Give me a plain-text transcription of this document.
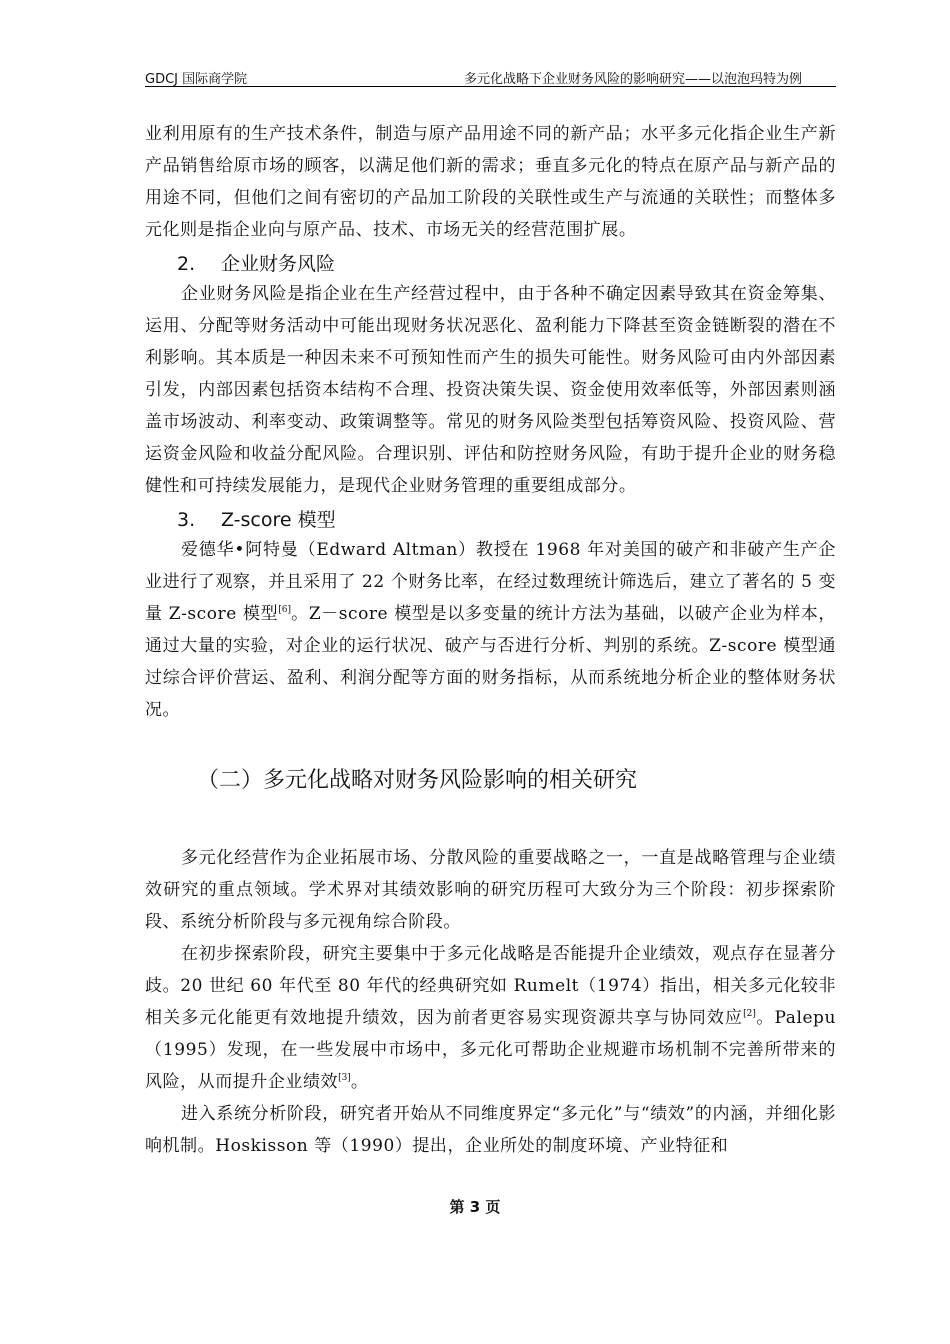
GDCJ 国际商学院	多元化战略下企业财务风险的影响研究——以泡泡玛特为例

业利用原有的生产技术条件，制造与原产品用途不同的新产品；水平多元化指企业生产新产品销售给原市场的顾客，以满足他们新的需求；垂直多元化的特点在原产品与新产品的用途不同，但他们之间有密切的产品加工阶段的关联性或生产与流通的关联性；而整体多元化则是指企业向与原产品、技术、市场无关的经营范围扩展。

2. 企业财务风险

企业财务风险是指企业在生产经营过程中，由于各种不确定因素导致其在资金筹集、运用、分配等财务活动中可能出现财务状况恶化、盈利能力下降甚至资金链断裂的潜在不利影响。其本质是一种因未来不可预知性而产生的损失可能性。财务风险可由内外部因素引发，内部因素包括资本结构不合理、投资决策失误、资金使用效率低等，外部因素则涵盖市场波动、利率变动、政策调整等。常见的财务风险类型包括筹资风险、投资风险、营运资金风险和收益分配风险。合理识别、评估和防控财务风险，有助于提升企业的财务稳健性和可持续发展能力，是现代企业财务管理的重要组成部分。

3. Z-score 模型

爱德华•阿特曼（Edward Altman）教授在 1968 年对美国的破产和非破产生产企业进行了观察，并且采用了 22 个财务比率，在经过数理统计筛选后，建立了著名的 5 变量 Z-score 模型[6]。Z－score 模型是以多变量的统计方法为基础，以破产企业为样本，通过大量的实验，对企业的运行状况、破产与否进行分析、判别的系统。Z-score 模型通过综合评价营运、盈利、利润分配等方面的财务指标，从而系统地分析企业的整体财务状况。

（二）多元化战略对财务风险影响的相关研究

多元化经营作为企业拓展市场、分散风险的重要战略之一，一直是战略管理与企业绩效研究的重点领域。学术界对其绩效影响的研究历程可大致分为三个阶段：初步探索阶段、系统分析阶段与多元视角综合阶段。

在初步探索阶段，研究主要集中于多元化战略是否能提升企业绩效，观点存在显著分歧。20 世纪 60 年代至 80 年代的经典研究如 Rumelt（1974）指出，相关多元化较非相关多元化能更有效地提升绩效，因为前者更容易实现资源共享与协同效应[2]。Palepu（1995）发现，在一些发展中市场中，多元化可帮助企业规避市场机制不完善所带来的风险，从而提升企业绩效[3]。

进入系统分析阶段，研究者开始从不同维度界定“多元化”与“绩效”的内涵，并细化影响机制。Hoskisson 等（1990）提出，企业所处的制度环境、产业特征和

第 3 页
